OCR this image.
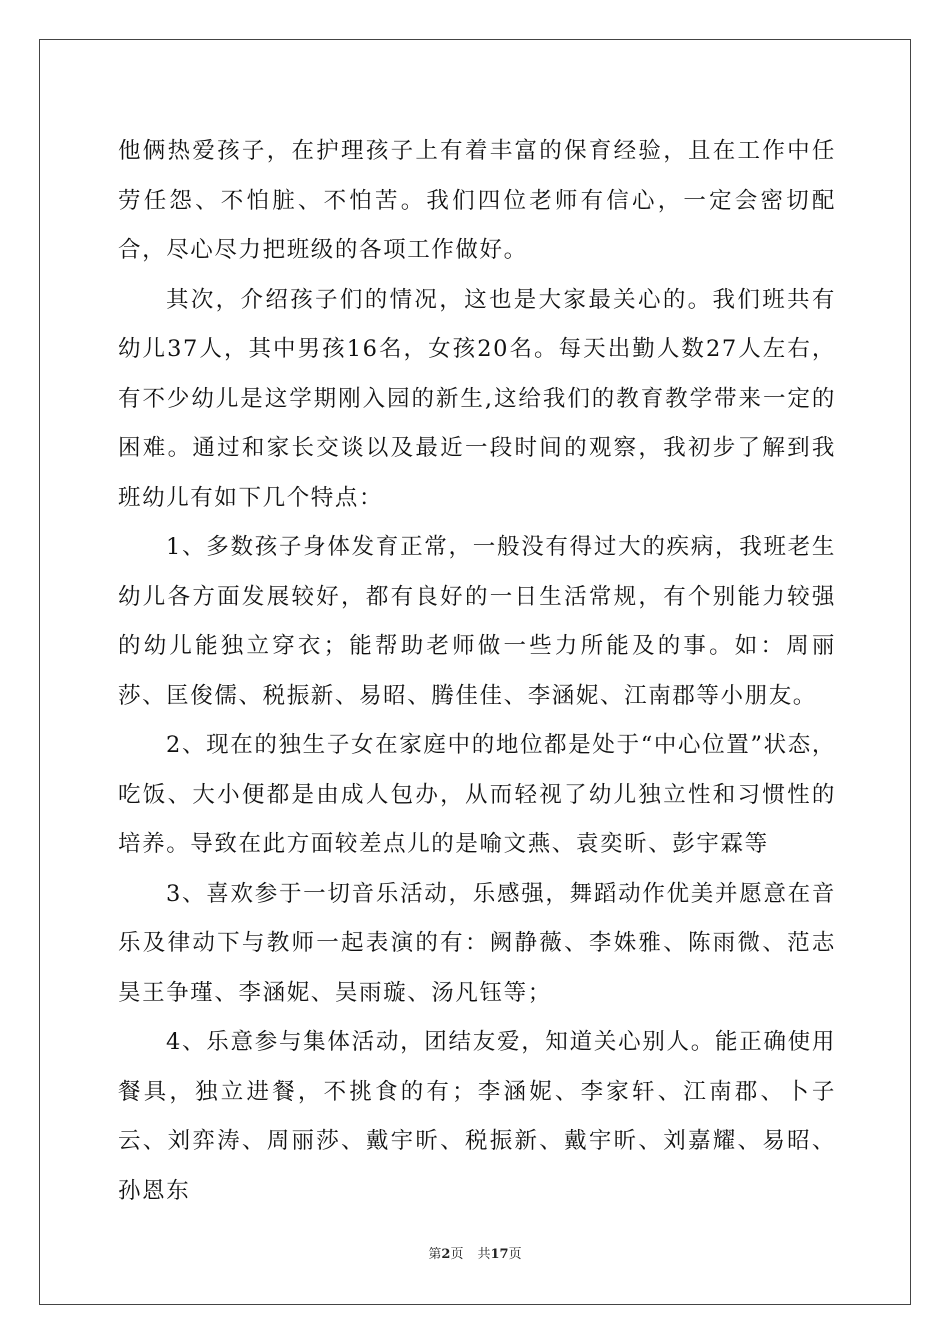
他俩热爱孩子，在护理孩子上有着丰富的保育经验，且在工作中任劳任怨、不怕脏、不怕苦。我们四位老师有信心，一定会密切配合，尽心尽力把班级的各项工作做好。

其次，介绍孩子们的情况，这也是大家最关心的。我们班共有幼儿37人，其中男孩16名，女孩20名。每天出勤人数27人左右，有不少幼儿是这学期刚入园的新生,这给我们的教育教学带来一定的困难。通过和家长交谈以及最近一段时间的观察，我初步了解到我班幼儿有如下几个特点：

1、多数孩子身体发育正常，一般没有得过大的疾病，我班老生幼儿各方面发展较好，都有良好的一日生活常规，有个别能力较强的幼儿能独立穿衣；能帮助老师做一些力所能及的事。如：周丽莎、匡俊儒、税振新、易昭、腾佳佳、李涵妮、江南郡等小朋友。

2、现在的独生子女在家庭中的地位都是处于“中心位置”状态，吃饭、大小便都是由成人包办，从而轻视了幼儿独立性和习惯性的培养。导致在此方面较差点儿的是喻文燕、袁奕昕、彭宇霖等

3、喜欢参于一切音乐活动，乐感强，舞蹈动作优美并愿意在音乐及律动下与教师一起表演的有：阙静薇、李姝雅、陈雨微、范志昊王争瑾、李涵妮、吴雨璇、汤凡钰等；

4、乐意参与集体活动，团结友爱，知道关心别人。能正确使用餐具，独立进餐，不挑食的有；李涵妮、李家轩、江南郡、卜子云、刘弈涛、周丽莎、戴宇昕、税振新、戴宇昕、刘嘉耀、易昭、孙恩东

第2页 共17页
